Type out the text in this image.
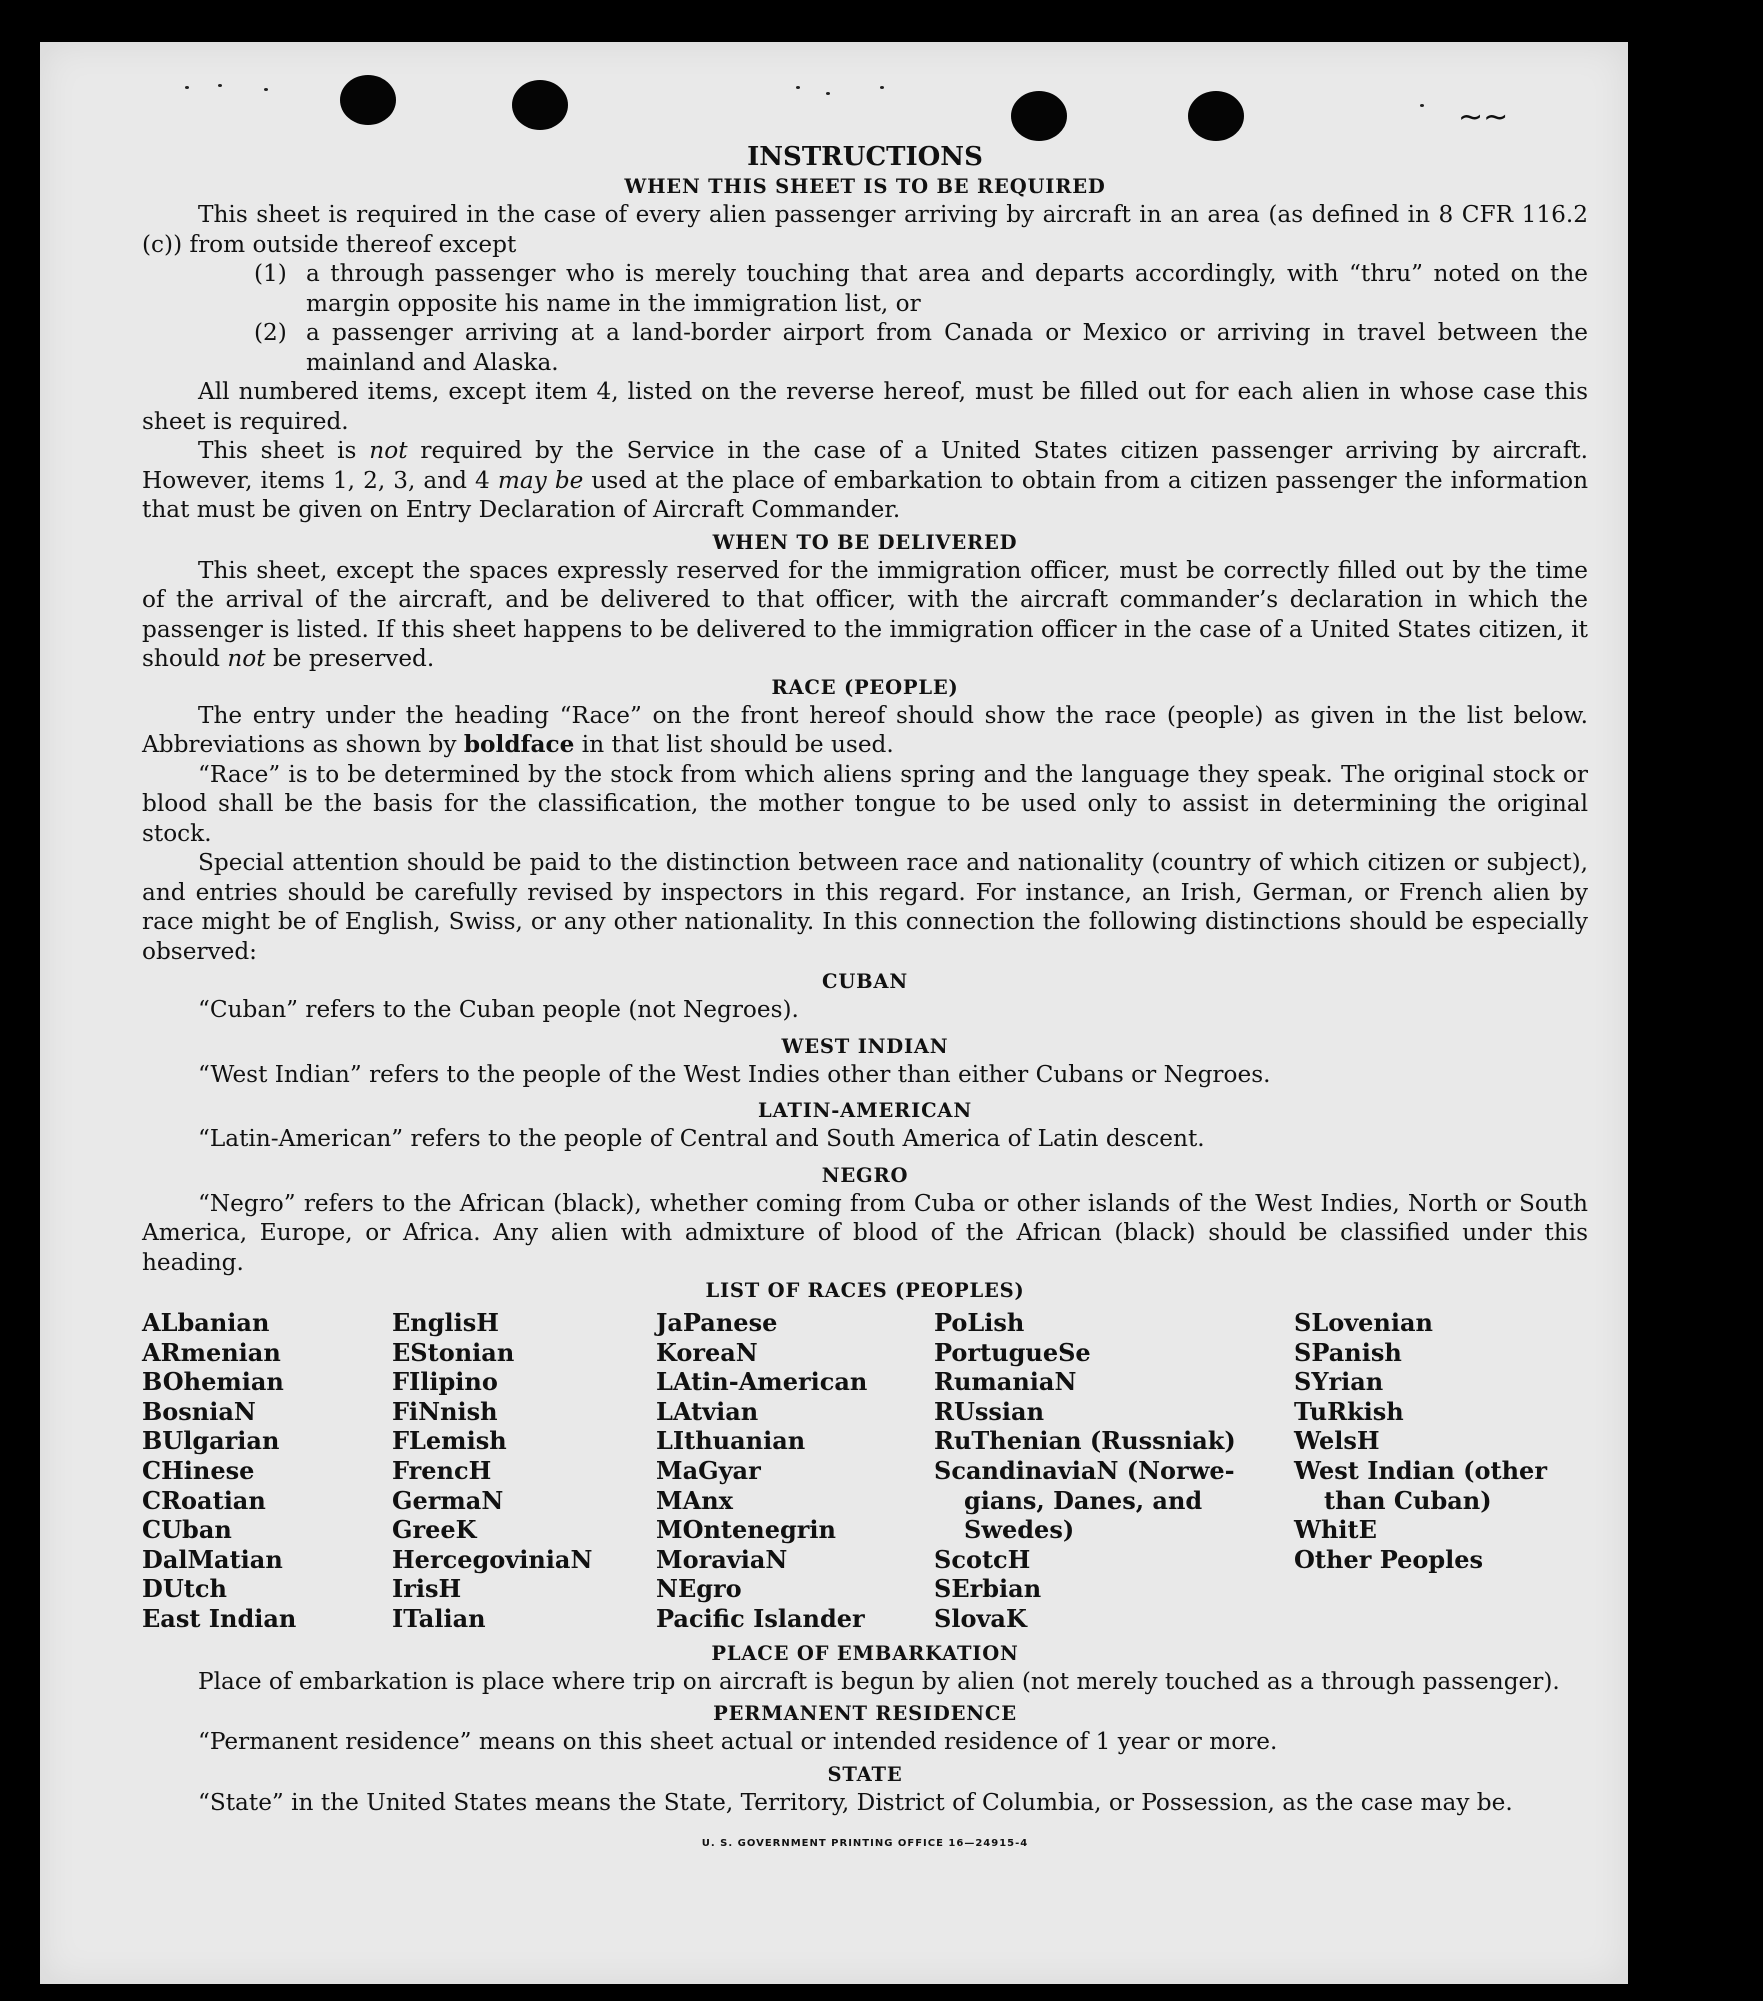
~~
INSTRUCTIONS
WHEN THIS SHEET IS TO BE REQUIRED

This sheet is required in the case of every alien passenger arriving by aircraft in an area (as defined in 8 CFR 116.2 (c)) from outside thereof except

(1) a through passenger who is merely touching that area and departs accordingly, with “thru” noted on the margin opposite his name in the immigration list, or
(2) a passenger arriving at a land-border airport from Canada or Mexico or arriving in travel between the mainland and Alaska.

All numbered items, except item 4, listed on the reverse hereof, must be filled out for each alien in whose case this sheet is required.

This sheet is not required by the Service in the case of a United States citizen passenger arriving by aircraft. However, items 1, 2, 3, and 4 may be used at the place of embarkation to obtain from a citizen passenger the information that must be given on Entry Declaration of Aircraft Commander.

WHEN TO BE DELIVERED

This sheet, except the spaces expressly reserved for the immigration officer, must be correctly filled out by the time of the arrival of the aircraft, and be delivered to that officer, with the aircraft commander’s declaration in which the passenger is listed. If this sheet happens to be delivered to the immigration officer in the case of a United States citizen, it should not be preserved.

RACE (PEOPLE)

The entry under the heading “Race” on the front hereof should show the race (people) as given in the list below. Abbreviations as shown by boldface in that list should be used.

“Race” is to be determined by the stock from which aliens spring and the language they speak. The original stock or blood shall be the basis for the classification, the mother tongue to be used only to assist in determining the original stock.

Special attention should be paid to the distinction between race and nationality (country of which citizen or subject), and entries should be carefully revised by inspectors in this regard. For instance, an Irish, German, or French alien by race might be of English, Swiss, or any other nationality. In this connection the following distinctions should be especially observed:

CUBAN

“Cuban” refers to the Cuban people (not Negroes).

WEST INDIAN

“West Indian” refers to the people of the West Indies other than either Cubans or Negroes.

LATIN-AMERICAN

“Latin-American” refers to the people of Central and South America of Latin descent.

NEGRO

“Negro” refers to the African (black), whether coming from Cuba or other islands of the West Indies, North or South America, Europe, or Africa. Any alien with admixture of blood of the African (black) should be classified under this heading.

LIST OF RACES (PEOPLES)
ALbanian
ARmenian
BOhemian
BosniaN
BUlgarian
CHinese
CRoatian
CUban
DalMatian
DUtch
East Indian
EnglisH
EStonian
FIlipino
FiNnish
FLemish
FrencH
GermaN
GreeK
HercegoviniaN
IrisH
ITalian
JaPanese
KoreaN
LAtin-American
LAtvian
LIthuanian
MaGyar
MAnx
MOntenegrin
MoraviaN
NEgro
Pacific Islander
PoLish
PortugueSe
RumaniaN
RUssian
RuThenian (Russniak)
ScandinaviaN (Norwe-
gians, Danes, and
Swedes)
ScotcH
SErbian
SlovaK
SLovenian
SPanish
SYrian
TuRkish
WelsH
West Indian (other
than Cuban)
WhitE
Other Peoples
PLACE OF EMBARKATION

Place of embarkation is place where trip on aircraft is begun by alien (not merely touched as a through passenger).

PERMANENT RESIDENCE

“Permanent residence” means on this sheet actual or intended residence of 1 year or more.

STATE

“State” in the United States means the State, Territory, District of Columbia, or Possession, as the case may be.

U. S. GOVERNMENT PRINTING OFFICE 16—24915-4
